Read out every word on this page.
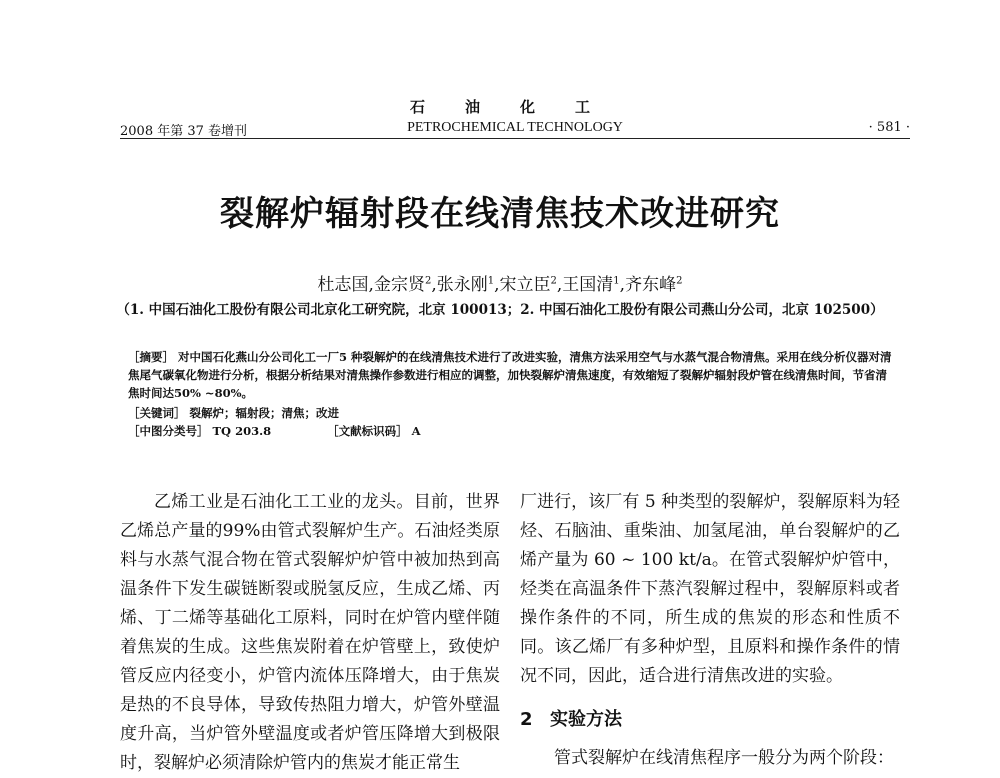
石	油	化	工
2008 年第 37 卷增刊	PETROCHEMICAL TECHNOLOGY	· 581 ·
裂解炉辐射段在线清焦技术改进研究
杜志国,金宗贤$^2$,张永刚$^1$,宋立臣$^2$,王国清$^1$,齐东峰$^2$
（1. 中国石油化工股份有限公司北京化工研究院，北京 100013；2. 中国石油化工股份有限公司燕山分公司，北京 102500）

［摘要］ 对中国石化燕山分公司化工一厂5 种裂解炉的在线清焦技术进行了改进实验，清焦方法采用空气与水蒸气混合物清焦。采用在线分析仪器对清焦尾气碳氧化物进行分析，根据分析结果对清焦操作参数进行相应的调整，加快裂解炉清焦速度，有效缩短了裂解炉辐射段炉管在线清焦时间，节省清焦时间达50% ~80%。

［关键词］ 裂解炉；辐射段；清焦；改进

［中图分类号］ TQ 203.8	［文献标识码］ A

乙烯工业是石油化工工业的龙头。目前，世界乙烯总产量的99%由管式裂解炉生产。石油烃类原料与水蒸气混合物在管式裂解炉炉管中被加热到高温条件下发生碳链断裂或脱氢反应，生成乙烯、丙烯、丁二烯等基础化工原料，同时在炉管内壁伴随着焦炭的生成。这些焦炭附着在炉管壁上，致使炉管反应内径变小，炉管内流体压降增大，由于焦炭是热的不良导体，导致传热阻力增大，炉管外壁温度升高，当炉管外壁温度或者炉管压降增大到极限时，裂解炉必须清除炉管内的焦炭才能正常生

厂进行，该厂有 5 种类型的裂解炉，裂解原料为轻烃、石脑油、重柴油、加氢尾油，单台裂解炉的乙烯产量为 60 ~ 100 kt/a。在管式裂解炉炉管中，烃类在高温条件下蒸汽裂解过程中，裂解原料或者操作条件的不同，所生成的焦炭的形态和性质不同。该乙烯厂有多种炉型，且原料和操作条件的情况不同，因此，适合进行清焦改进的实验。

2 实验方法

管式裂解炉在线清焦程序一般分为两个阶段：
